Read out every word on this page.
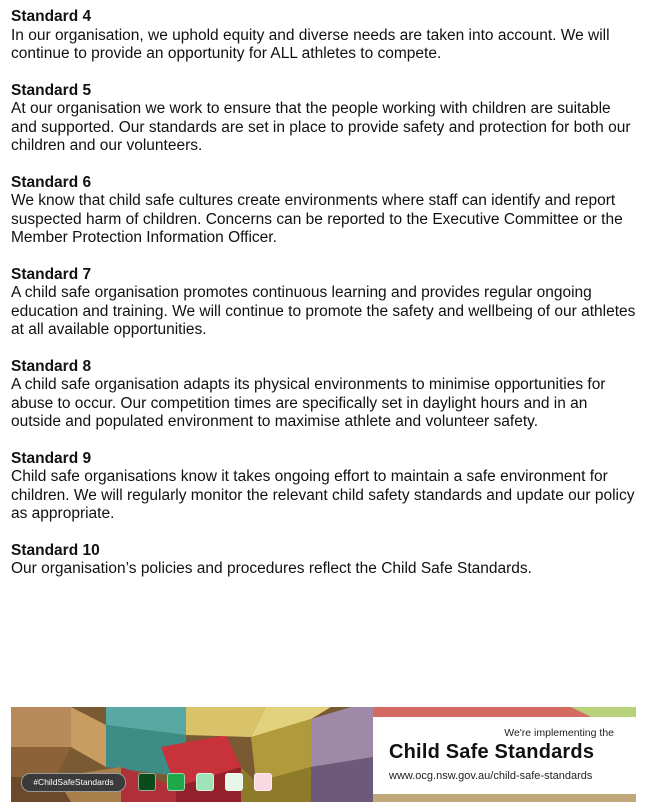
Standard 4

In our organisation, we uphold equity and diverse needs are taken into account. We will continue to provide an opportunity for ALL athletes to compete.

Standard 5

At our organisation we work to ensure that the people working with children are suitable and supported. Our standards are set in place to provide safety and protection for both our children and our volunteers.

Standard 6

We know that child safe cultures create environments where staff can identify and report suspected harm of children. Concerns can be reported to the Executive Committee or the Member Protection Information Officer.

Standard 7

A child safe organisation promotes continuous learning and provides regular ongoing education and training. We will continue to promote the safety and wellbeing of our athletes at all available opportunities.

Standard 8

A child safe organisation adapts its physical environments to minimise opportunities for abuse to occur. Our competition times are specifically set in daylight hours and in an outside and populated environment to maximise athlete and volunteer safety.

Standard 9

Child safe organisations know it takes ongoing effort to maintain a safe environment for children. We will regularly monitor the relevant child safety standards and update our policy as appropriate.

Standard 10

Our organisation’s policies and procedures reflect the Child Safe Standards.

We're implementing the
Child Safe Standards
www.ocg.nsw.gov.au/child-safe-standards
#ChildSafeStandards
